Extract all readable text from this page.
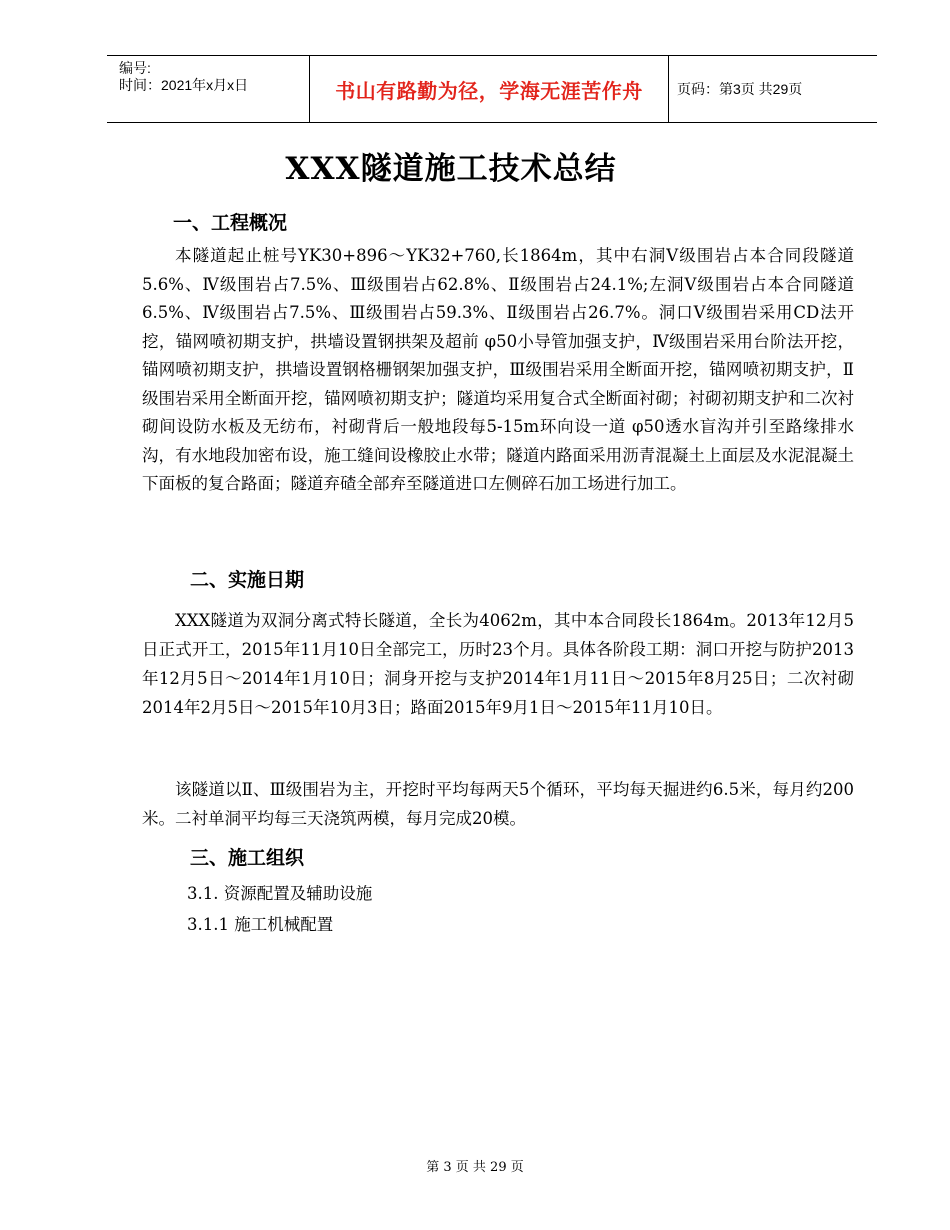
编号:
时间：2021年x月x日	书山有路勤为径，学海无涯苦作舟 页码：第3页 共29页
XXX隧道施工技术总结
一、工程概况

本隧道起止桩号YK30+896～YK32+760,长1864m，其中右洞Ⅴ级围岩占本合同段隧道5.6%、Ⅳ级围岩占7.5%、Ⅲ级围岩占62.8%、Ⅱ级围岩占24.1%;左洞Ⅴ级围岩占本合同隧道6.5%、Ⅳ级围岩占7.5%、Ⅲ级围岩占59.3%、Ⅱ级围岩占26.7%。洞口Ⅴ级围岩采用CD法开挖，锚网喷初期支护，拱墙设置钢拱架及超前 φ50小导管加强支护，Ⅳ级围岩采用台阶法开挖，锚网喷初期支护，拱墙设置钢格栅钢架加强支护，Ⅲ级围岩采用全断面开挖，锚网喷初期支护，Ⅱ级围岩采用全断面开挖，锚网喷初期支护；隧道均采用复合式全断面衬砌；衬砌初期支护和二次衬砌间设防水板及无纺布，衬砌背后一般地段每5-15m环向设一道 φ50透水盲沟并引至路缘排水沟，有水地段加密布设，施工缝间设橡胶止水带；隧道内路面采用沥青混凝土上面层及水泥混凝土下面板的复合路面；隧道弃碴全部弃至隧道进口左侧碎石加工场进行加工。

二、实施日期

XXX隧道为双洞分离式特长隧道，全长为4062m，其中本合同段长1864m。2013年12月5日正式开工，2015年11月10日全部完工，历时23个月。具体各阶段工期：洞口开挖与防护2013年12月5日～2014年1月10日；洞身开挖与支护2014年1月11日～2015年8月25日；二次衬砌2014年2月5日～2015年10月3日；路面2015年9月1日～2015年11月10日。

该隧道以Ⅱ、Ⅲ级围岩为主，开挖时平均每两天5个循环，平均每天掘进约6.5米，每月约200米。二衬单洞平均每三天浇筑两模，每月完成20模。

三、施工组织
3.1. 资源配置及辅助设施
3.1.1 施工机械配置
第 3 页 共 29 页
